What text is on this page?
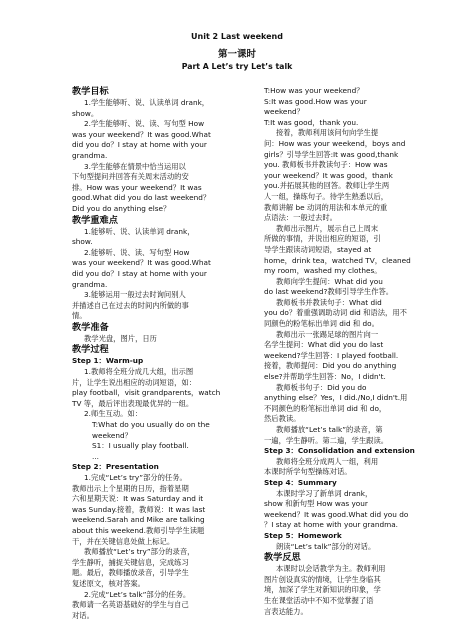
Unit 2 Last weekend
第一课时
Part A Let’s try Let’s talk

教学目标

1.学生能够听、说、认读单词 drank，

show。

2.学生能够听、说、读、写句型 How

was your weekend？It was good.What

did you do？I stay at home with your

grandma.

3.学生能够在情景中恰当运用以

下句型提问并回答有关周末活动的安

排。How was your weekend？It was

good.What did you do last weekend？

Did you do anything else？

教学重难点

1.能够听、说、认读单词 drank，

show.

2.能够听、说、读、写句型 How

was your weekend？It was good.What

did you do？I stay at home with your

grandma.

3.能够运用一般过去时询问别人

并描述自己在过去的时间内所做的事

情。

教学准备

教学光盘，图片，日历

教学过程

Step 1：Warm-up

1.教师将全班分成几大组，出示图

片，让学生说出相应的动词短语，如：

play football，visit grandparents，watch

TV 等，最后评出表现最优异的一组。

2.师生互动。如：

T:What do you usually do on the

weekend？

S1：I usually play football.

...

Step 2：Presentation

1.完成“Let’s try”部分的任务。

教师出示上个星期的日历，指着星期

六和星期天说：It was Saturday and it

was Sunday.接着，教师说：It was last

weekend.Sarah and Mike are talking

about this weekend.教师引导学生读题

干，并在关键信息处做上标记。

教师播放“Let’s try”部分的录音，

学生静听，捕捉关键信息，完成练习

题。最后，教师播放录音，引导学生

复述原文，核对答案。

2.完成“Let’s talk”部分的任务。

教师请一名英语基础好的学生与自己

对话。

T:How was your weekend？

S:It was good.How was your

weekend？

T:It was good，thank you.

接着，教师利用该问句向学生提

问：How was your weekend，boys and

girls？引导学生回答:It was good,thank

you. 教师板书并教读句子：How was

your weekend？It was good，thank

you.并拓展其他的回答。教师让学生两

人一组，操练句子。待学生熟悉以后，

教师讲解 be 动词的用法和本单元的重

点语法：一般过去时。

教师出示图片，展示自己上周末

所做的事情，并说出相应的短语，引

导学生跟读动词短语，stayed at

home，drink tea，watched TV，cleaned

my room，washed my clothes。

教师向学生提问：What did you

do last weekend?教师引导学生作答。

教师板书并教读句子：What did

you do？着重强调助动词 did 和语法，用不

同颜色的粉笔标出单词 did 和 do。

教师出示一张踢足球的图片向一

名学生提问：What did you do last

weekend?学生回答：I played football.

接着，教师提问：Did you do anything

else?并帮助学生回答：No，I didn't.

教师板书句子：Did you do

anything else？Yes，I did./No,I didn't.用

不同颜色的粉笔标出单词 did 和 do，

然后教读。

教师播放“Let’s talk”的录音，第

一遍，学生静听。第二遍，学生跟读。

Step 3：Consolidation and extension

教师将全班分成两人一组，利用

本课时所学句型操练对话。

Step 4：Summary

本课时学习了新单词 drank，

show 和新句型 How was your

weekend？It was good.What did you do

？I stay at home with your grandma.

Step 5：Homework

朗读“Let’s talk”部分的对话。

教学反思

本课时以会话教学为主。教师利用

图片创设真实的情境，让学生身临其

境，加深了学生对新知识的印象，学

生在课堂活动中不知不觉掌握了语

言表达能力。
